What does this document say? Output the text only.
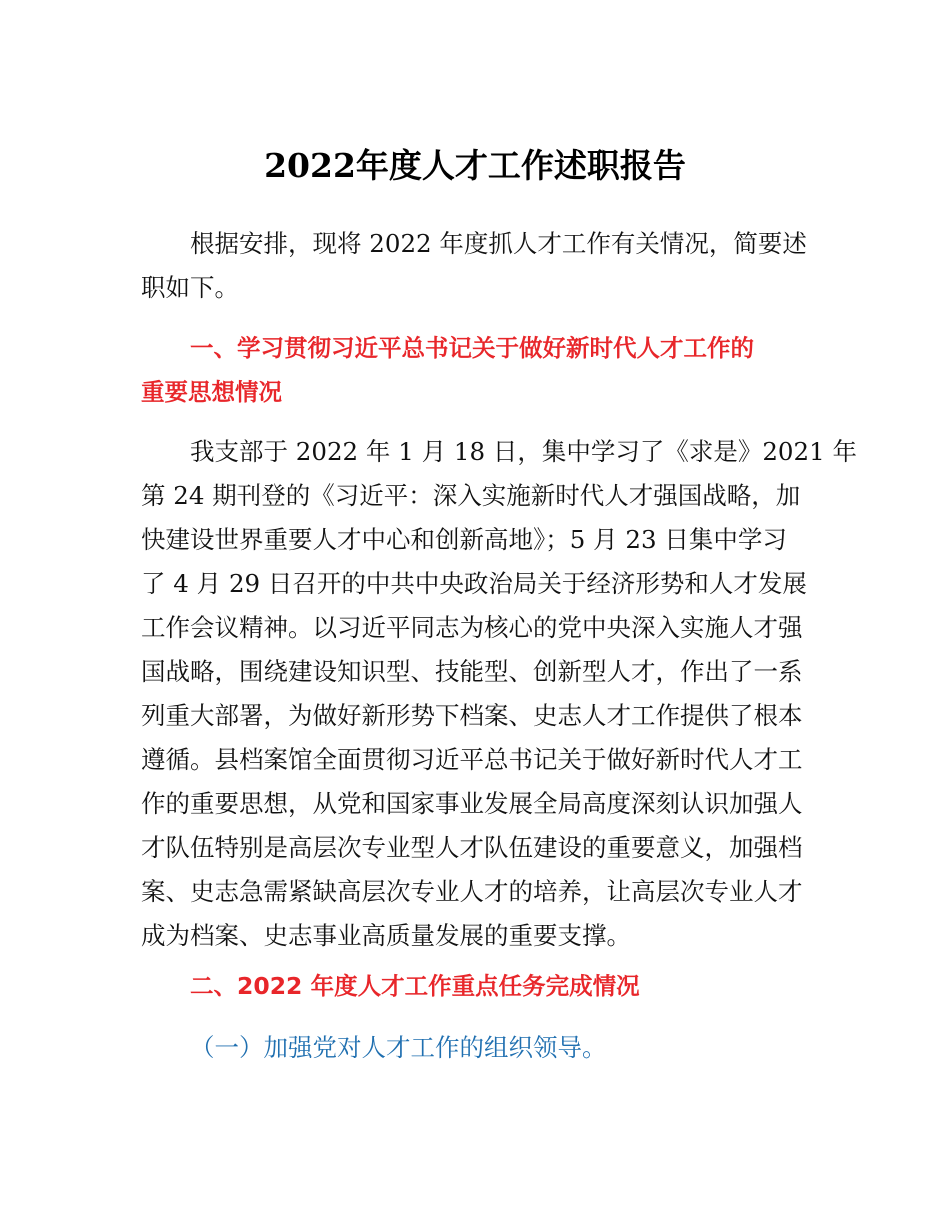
2022年度人才工作述职报告
根据安排，现将 2022 年度抓人才工作有关情况，简要述
职如下。
一、学习贯彻习近平总书记关于做好新时代人才工作的
重要思想情况
我支部于 2022 年 1 月 18 日，集中学习了《求是》2021 年
第 24 期刊登的《习近平：深入实施新时代人才强国战略，加
快建设世界重要人才中心和创新高地》；5 月 23 日集中学习
了 4 月 29 日召开的中共中央政治局关于经济形势和人才发展
工作会议精神。以习近平同志为核心的党中央深入实施人才强
国战略，围绕建设知识型、技能型、创新型人才，作出了一系
列重大部署，为做好新形势下档案、史志人才工作提供了根本
遵循。县档案馆全面贯彻习近平总书记关于做好新时代人才工
作的重要思想，从党和国家事业发展全局高度深刻认识加强人
才队伍特别是高层次专业型人才队伍建设的重要意义，加强档
案、史志急需紧缺高层次专业人才的培养，让高层次专业人才
成为档案、史志事业高质量发展的重要支撑。
二、2022 年度人才工作重点任务完成情况
（一）加强党对人才工作的组织领导。
